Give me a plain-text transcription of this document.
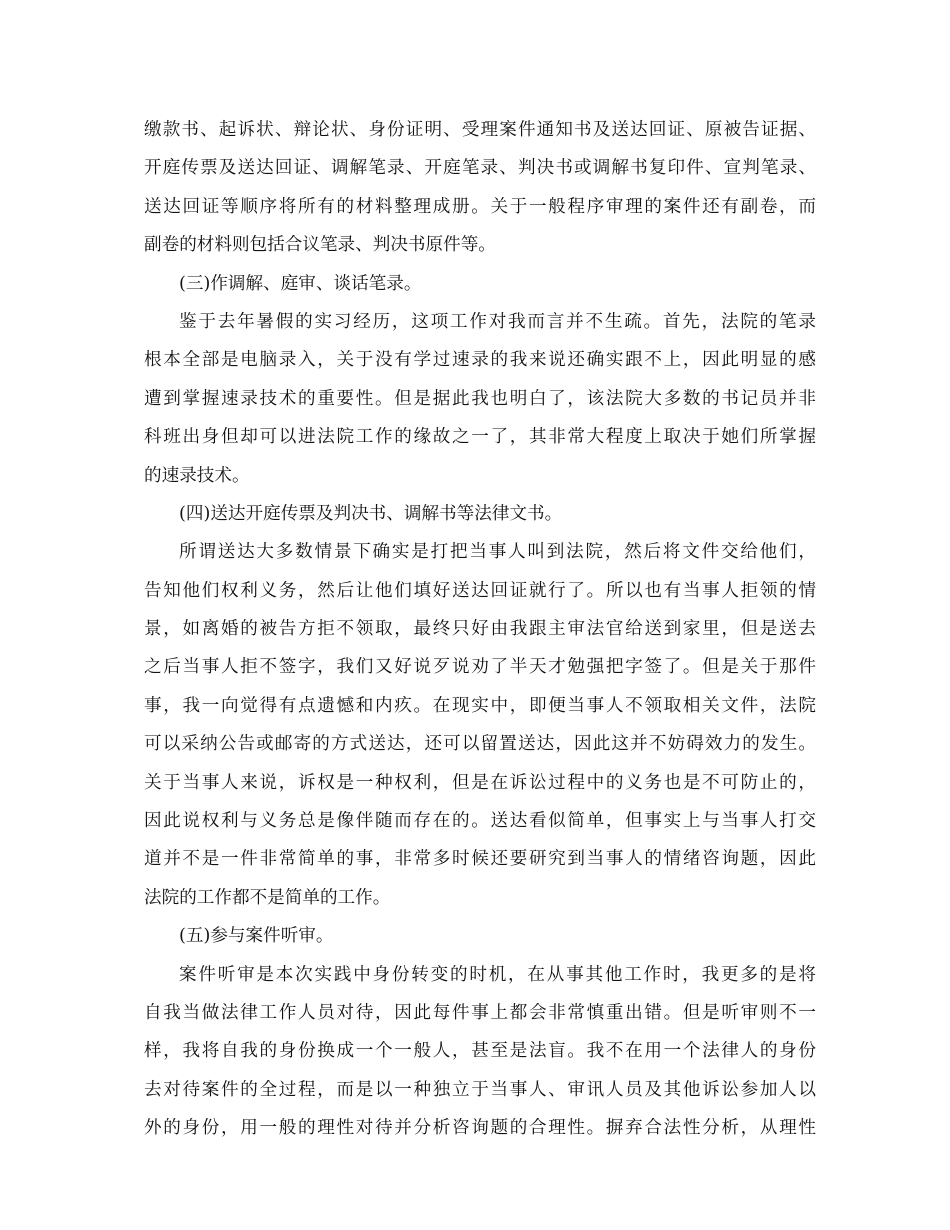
缴款书、起诉状、辩论状、身份证明、受理案件通知书及送达回证、原被告证据、
开庭传票及送达回证、调解笔录、开庭笔录、判决书或调解书复印件、宣判笔录、
送达回证等顺序将所有的材料整理成册。关于一般程序审理的案件还有副卷，而
副卷的材料则包括合议笔录、判决书原件等。
(三)作调解、庭审、谈话笔录。
鉴于去年暑假的实习经历，这项工作对我而言并不生疏。首先，法院的笔录
根本全部是电脑录入，关于没有学过速录的我来说还确实跟不上，因此明显的感
遭到掌握速录技术的重要性。但是据此我也明白了，该法院大多数的书记员并非
科班出身但却可以进法院工作的缘故之一了，其非常大程度上取决于她们所掌握
的速录技术。
(四)送达开庭传票及判决书、调解书等法律文书。
所谓送达大多数情景下确实是打把当事人叫到法院，然后将文件交给他们，
告知他们权利义务，然后让他们填好送达回证就行了。所以也有当事人拒领的情
景，如离婚的被告方拒不领取，最终只好由我跟主审法官给送到家里，但是送去
之后当事人拒不签字，我们又好说歹说劝了半天才勉强把字签了。但是关于那件
事，我一向觉得有点遗憾和内疚。在现实中，即便当事人不领取相关文件，法院
可以采纳公告或邮寄的方式送达，还可以留置送达，因此这并不妨碍效力的发生。
关于当事人来说，诉权是一种权利，但是在诉讼过程中的义务也是不可防止的，
因此说权利与义务总是像伴随而存在的。送达看似简单，但事实上与当事人打交
道并不是一件非常简单的事，非常多时候还要研究到当事人的情绪咨询题，因此
法院的工作都不是简单的工作。
(五)参与案件听审。
案件听审是本次实践中身份转变的时机，在从事其他工作时，我更多的是将
自我当做法律工作人员对待，因此每件事上都会非常慎重出错。但是听审则不一
样，我将自我的身份换成一个一般人，甚至是法盲。我不在用一个法律人的身份
去对待案件的全过程，而是以一种独立于当事人、审讯人员及其他诉讼参加人以
外的身份，用一般的理性对待并分析咨询题的合理性。摒弃合法性分析，从理性
